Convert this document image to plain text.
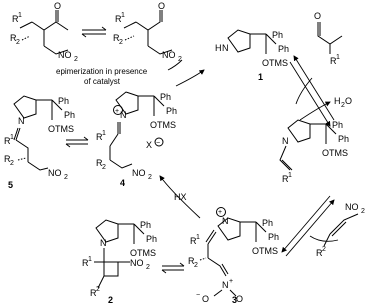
O
R 1
R 2
NO 2
O
R 1
R 2
NO 2
epimerization in presence
of catalyst
Ph
Ph
OTMS
N
H
1
O
R 1
H 2 O
Ph
Ph
OTMS
N
R 1
NO 2
R 2
N
+
Ph
Ph
OTMS
R 1
R 2
N
O
−	O
+
3
N
Ph
Ph
OTMS
NO 2
R 1
R 2
2
HX
N
+
Ph
Ph
OTMS
R 1
R 2
NO 2
X −
4
N
Ph
Ph
OTMS
R 1
R 2
NO 2
5
